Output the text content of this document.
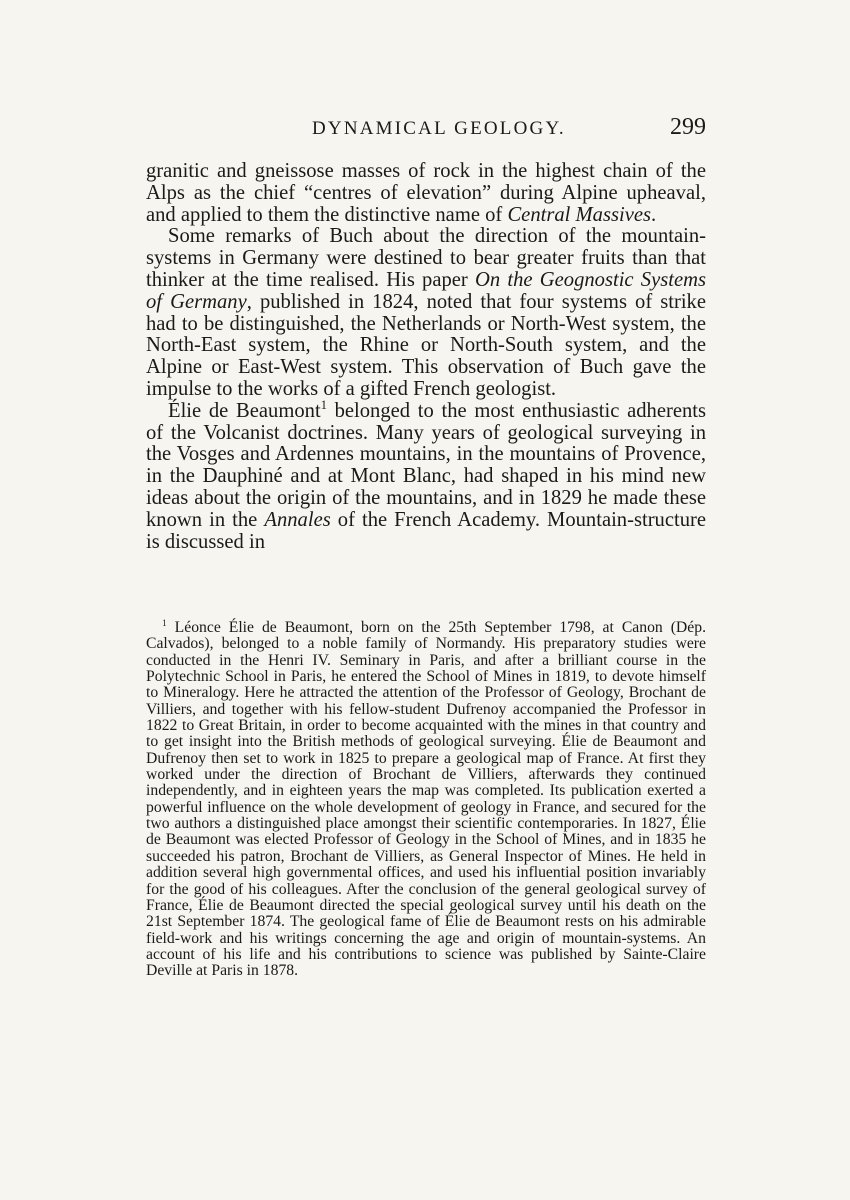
DYNAMICAL GEOLOGY.	299

granitic and gneissose masses of rock in the highest chain of the Alps as the chief “centres of elevation” during Alpine upheaval, and applied to them the distinctive name of Central Massives.

Some remarks of Buch about the direction of the mountain-systems in Germany were destined to bear greater fruits than that thinker at the time realised. His paper On the Geognostic Systems of Germany, published in 1824, noted that four systems of strike had to be distinguished, the Netherlands or North-West system, the North-East system, the Rhine or North-South system, and the Alpine or East-West system. This observation of Buch gave the impulse to the works of a gifted French geologist.

Élie de Beaumont$^1$ belonged to the most enthusiastic adherents of the Volcanist doctrines. Many years of geological surveying in the Vosges and Ardennes mountains, in the mountains of Provence, in the Dauphiné and at Mont Blanc, had shaped in his mind new ideas about the origin of the mountains, and in 1829 he made these known in the Annales of the French Academy. Mountain-structure is discussed in

$^1$ Léonce Élie de Beaumont, born on the 25th September 1798, at Canon (Dép. Calvados), belonged to a noble family of Normandy. His preparatory studies were conducted in the Henri IV. Seminary in Paris, and after a brilliant course in the Polytechnic School in Paris, he entered the School of Mines in 1819, to devote himself to Mineralogy. Here he attracted the attention of the Professor of Geology, Brochant de Villiers, and together with his fellow-student Dufrenoy accompanied the Professor in 1822 to Great Britain, in order to become acquainted with the mines in that country and to get insight into the British methods of geological surveying. Élie de Beaumont and Dufrenoy then set to work in 1825 to prepare a geological map of France. At first they worked under the direction of Brochant de Villiers, afterwards they continued independently, and in eighteen years the map was completed. Its publication exerted a powerful influence on the whole development of geology in France, and secured for the two authors a distinguished place amongst their scientific contemporaries. In 1827, Élie de Beaumont was elected Professor of Geology in the School of Mines, and in 1835 he succeeded his patron, Brochant de Villiers, as General Inspector of Mines. He held in addition several high governmental offices, and used his influential position invariably for the good of his colleagues. After the conclusion of the general geological survey of France, Élie de Beaumont directed the special geological survey until his death on the 21st September 1874. The geological fame of Élie de Beaumont rests on his admirable field-work and his writings concerning the age and origin of mountain-systems. An account of his life and his contributions to science was published by Sainte-Claire Deville at Paris in 1878.
